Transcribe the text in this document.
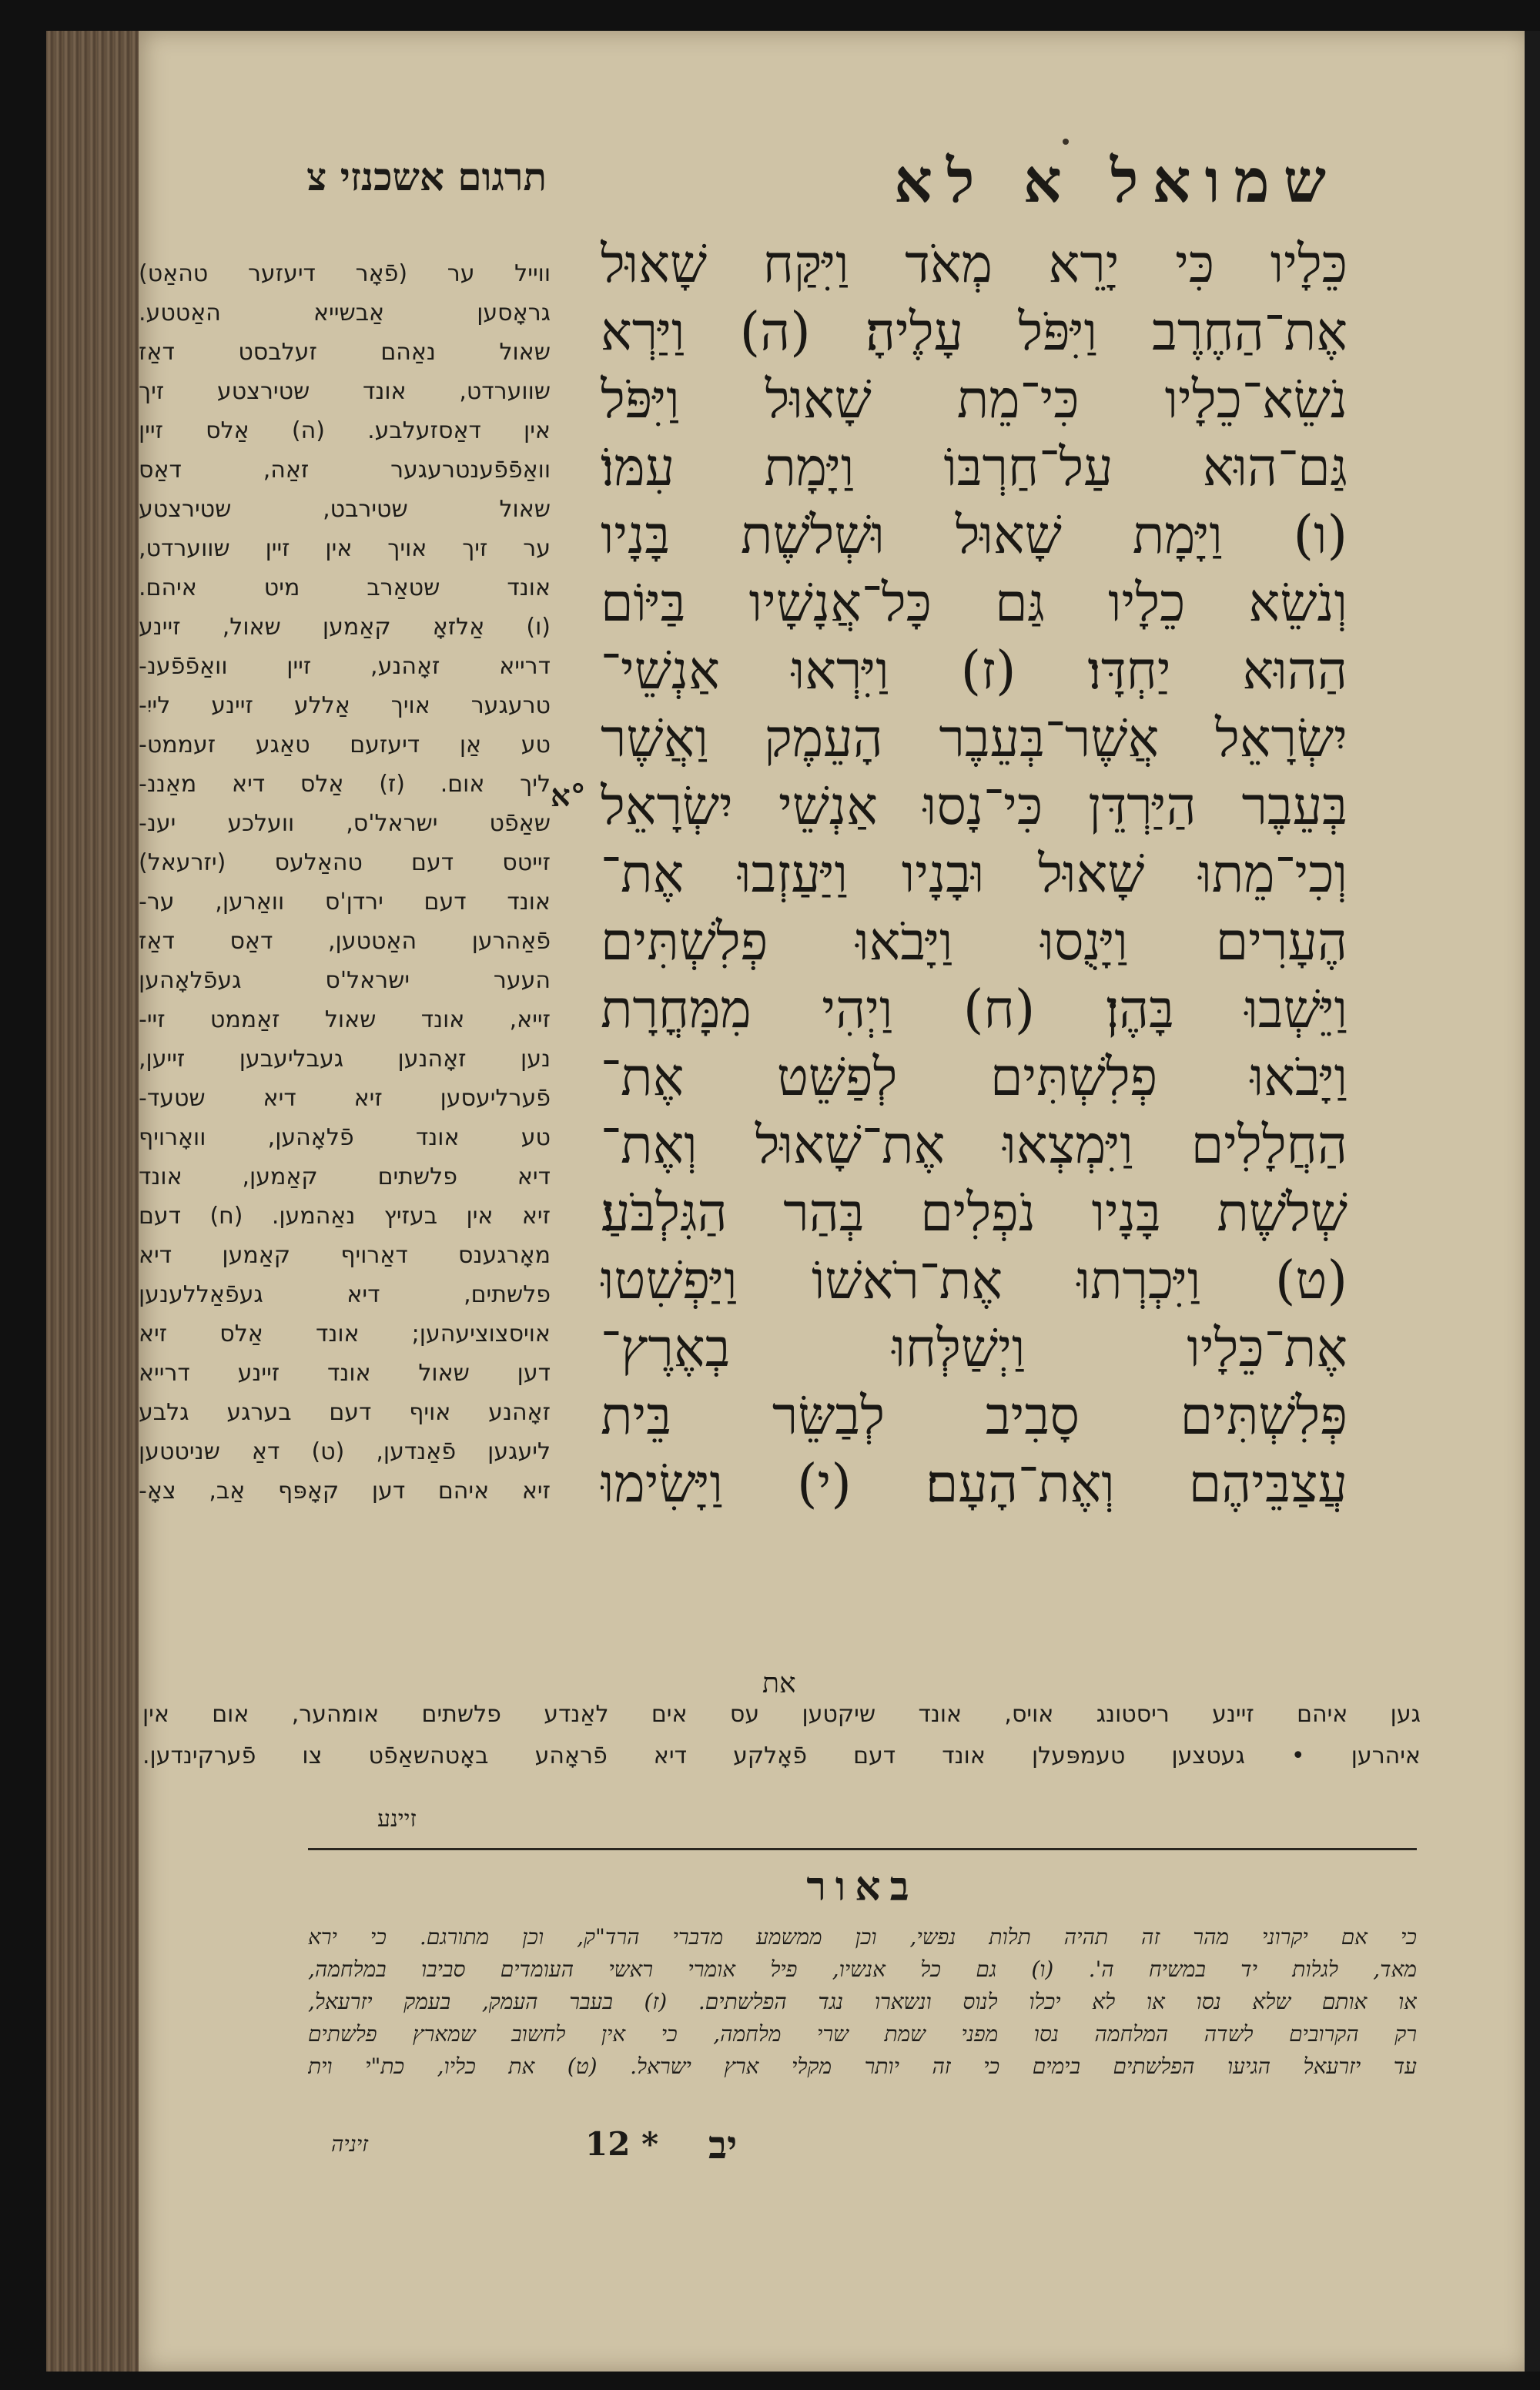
שמואל א לא
תרגום אשכנזי צ
כֵּלָיו כִּי יָרֵא מְאֹד וַיִּקַּח שָׁאוּל
אֶת־הַחֶרֶב וַיִּפֹּל עָלֶיהָ׃ (ה) וַיַּרְא
נֹשֵׂא־כֵלָיו כִּי־מֵת שָׁאוּל וַיִּפֹּל
גַּם־הוּא עַל־חַרְבּוֹ וַיָּמָת עִמּוֹ׃
(ו) וַיָּמָת שָׁאוּל וּשְׁלֹשֶׁת בָּנָיו
וְנֹשֵׂא כֵלָיו גַּם כָּל־אֲנָשָׁיו בַּיּוֹם
הַהוּא יַחְדָּו׃ (ז) וַיִּרְאוּ אַנְשֵׁי־
יִשְׂרָאֵל אֲשֶׁר־בְּעֵבֶר הָעֵמֶק וַאֲשֶׁר
בְּעֵבֶר הַיַּרְדֵּן כִּי־נָסוּ אַנְשֵׁי יִשְׂרָאֵל
וְכִי־מֵתוּ שָׁאוּל וּבָנָיו וַיַּעַזְבוּ אֶת־
הֶעָרִים וַיָּנֻסוּ וַיָּבֹאוּ פְלִשְׁתִּים
וַיֵּשְׁבוּ בָּהֶן׃ (ח) וַיְהִי מִמָּחֳרָת
וַיָּבֹאוּ פְלִשְׁתִּים לְפַשֵּׁט אֶת־
הַחֲלָלִים וַיִּמְצְאוּ אֶת־שָׁאוּל וְאֶת־
שְׁלֹשֶׁת בָּנָיו נֹפְלִים בְּהַר הַגִּלְבֹּעַ׃
(ט) וַיִּכְרְתוּ אֶת־רֹאשׁוֹ וַיַּפְשִׁטוּ
אֶת־כֵּלָיו וַיְשַׁלְּחוּ בְאֶרֶץ־
פְּלִשְׁתִּים סָבִיב לְבַשֵּׂר בֵּית
עֲצַבֵּיהֶם וְאֶת־הָעָם׃ (י) וַיָּשִׂימוּ
א°
ווייל ער (פֿאָר דיעזער טהאַט)
גראָסען אַבשייא האַטטע.
שאול נאַהם זעלבסט דאַז
שווערדט, אונד שטירצטע זיך
אין דאַסזעלבע. (ה) אַלס זיין
וואַפֿפֿענטרעגער זאַה, דאַס
שאול שטירבט, שטירצטע
ער זיך אויך אין זיין שווערדט,
אונד שטאַרב מיט איהם.
(ו) אַלזאָ קאַמען שאול, זיינע
דרייא זאָהנע, זיין וואַפֿפֿענ-
טרעגער אויך אַללע זיינע לייִ-
טע אַן דיעזעם טאַגע זעממט-
ליך אום. (ז) אַלס דיא מאַננ-
שאַפֿט ישראל'ס, וועלכע יענ-
זייטס דעם טהאַלעס (יזרעאל)
אונד דעם ירדן'ס וואַרען, ער-
פֿאַהרען האַטטען, דאַס דאַז
העער ישראל'ס געפֿלאָהען
זייא, אונד שאול זאַממט זיי-
נען זאָהנען געבליעבען זייען,
פֿערליעסען זיא דיא שטעד-
טע אונד פֿלאָהען, וואָרויף
דיא פלשתים קאַמען, אונד
זיא אין בעזיץ נאַהמען. (ח) דעם
מאָרגענס דאַרויף קאַמען דיא
פלשתים, דיא געפֿאַללענען
אויסצוציעהען; אונד אַלס זיא
דען שאול אונד זיינע דרייא
זאָהנע אויף דעם בערגע גלבע
ליעגען פֿאַנדען, (ט) דאַ שניטטען
זיא איהם דען קאָפּף אַב, צאָ-
את
גען איהם זיינע ריסטונג אויס, אונד שיקטען עס אים לאַנדע פלשתים אומהער, אום אין
איהרען • געטצען טעמפּעלן אונד דעם פֿאָלקע דיא פֿראָהע באָטהשאַפֿט צו פֿערקינדען.
זיינע
באור
כי אם יקרוני מהר זה תהיה תלות נפשי, וכן ממשמע מדברי הרד"ק, וכן מתורגם. כי ירא
מאד, לגלות יד במשיח ה'. (ו) גם כל אנשיו, פיל אומרי ראשי העומדים סביבו במלחמה,
או אותם שלא נסו או לא יכלו לנוס ונשארו נגד הפלשתים. (ז) בעבר העמק, בעמק יזרעאל,
רק הקרובים לשדה המלחמה נסו מפני שמת שרי מלחמה, כי אין לחשוב שמארץ פלשתים
עד יזרעאל הגיעו הפלשתים בימים כי זה יותר מקלי ארץ ישראל. (ט) את כליו, כת"י וית
זיניה	12 * יב
